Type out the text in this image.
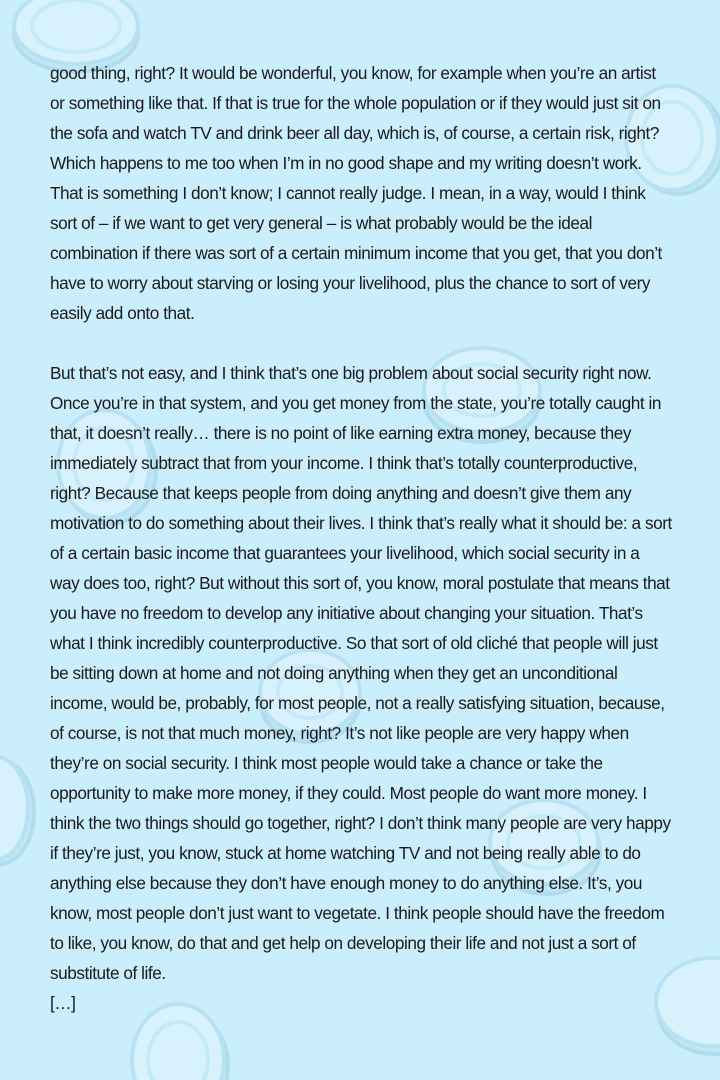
good thing, right? It would be wonderful, you know, for example when you’re an artist or something like that. If that is true for the whole population or if they would just sit on the sofa and watch TV and drink beer all day, which is, of course, a certain risk, right? Which happens to me too when I’m in no good shape and my writing doesn’t work. That is something I don’t know; I cannot really judge. I mean, in a way, would I think sort of – if we want to get very general – is what probably would be the ideal combination if there was sort of a certain minimum income that you get, that you don’t have to worry about starving or losing your livelihood, plus the chance to sort of very easily add onto that.

But that’s not easy, and I think that’s one big problem about social security right now. Once you’re in that system, and you get money from the state, you’re totally caught in that, it doesn’t really… there is no point of like earning extra money, because they immediately subtract that from your income. I think that’s totally counterproductive, right? Because that keeps people from doing anything and doesn’t give them any motivation to do something about their lives. I think that’s really what it should be: a sort of a certain basic income that guarantees your livelihood, which social security in a way does too, right? But without this sort of, you know, moral postulate that means that you have no freedom to develop any initiative about changing your situation. That’s what I think incredibly counterproductive. So that sort of old cliché that people will just be sitting down at home and not doing anything when they get an unconditional income, would be, probably, for most people, not a really satisfying situation, because, of course, is not that much money, right? It’s not like people are very happy when they’re on social security. I think most people would take a chance or take the opportunity to make more money, if they could. Most people do want more money. I think the two things should go together, right? I don’t think many people are very happy if they’re just, you know, stuck at home watching TV and not being really able to do anything else because they don’t have enough money to do anything else. It’s, you know, most people don’t just want to vegetate. I think people should have the freedom to like, you know, do that and get help on developing their life and not just a sort of substitute of life.

[…]
